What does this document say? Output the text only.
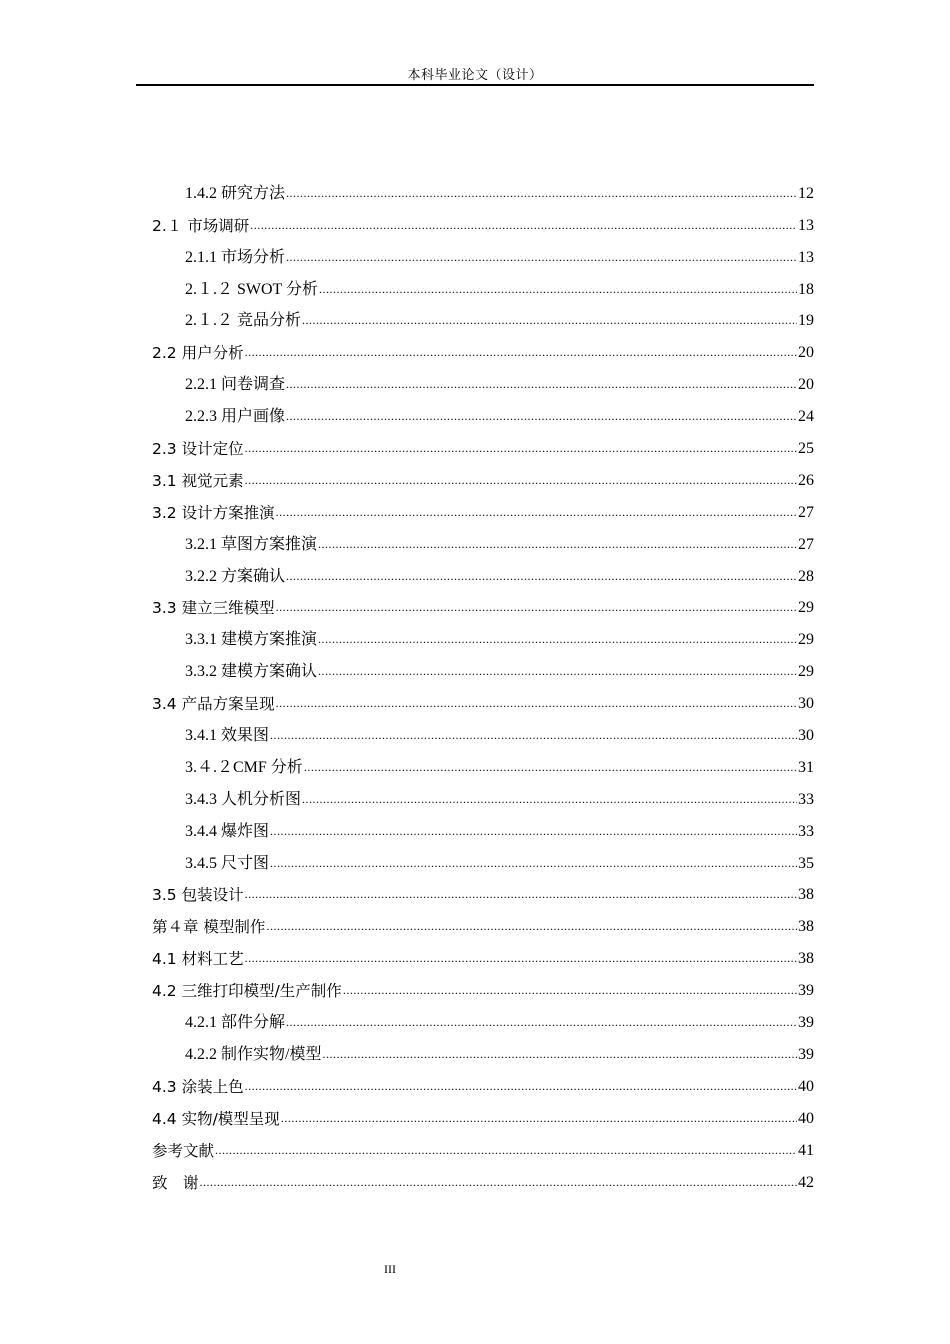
本科毕业论文（设计）
1.4.2 研究方法 .....	12
2.１ 市场调研 .....	13
2.1.1 市场分析 .....	13
2.１.２ SWOT 分析 .....	18
2.１.２ 竞品分析 .....	19
2.2 用户分析 .....	20
2.2.1 问卷调查 .....	20
2.2.3 用户画像 .....	24
2.3 设计定位 .....	25
3.1 视觉元素 .....	26
3.2 设计方案推演 .....	27
3.2.1 草图方案推演 .....	27
3.2.2 方案确认 .....	28
3.3 建立三维模型 .....	29
3.3.1 建模方案推演 .....	29
3.3.2 建模方案确认 .....	29
3.4 产品方案呈现 .....	30
3.4.1 效果图 .....	30
3.４.２CMF 分析 .....	31
3.4.3 人机分析图 .....	33
3.4.4 爆炸图 .....	33
3.4.5 尺寸图 .....	35
3.5 包装设计 .....	38
第４章 模型制作 .....	38
4.1 材料工艺 .....	38
4.2 三维打印模型/生产制作 .....	39
4.2.1 部件分解 .....	39
4.2.2 制作实物/模型 .....	39
4.3 涂装上色 .....	40
4.4 实物/模型呈现 .....	40
参考文献 .....	41
致　谢 .....	42
III
